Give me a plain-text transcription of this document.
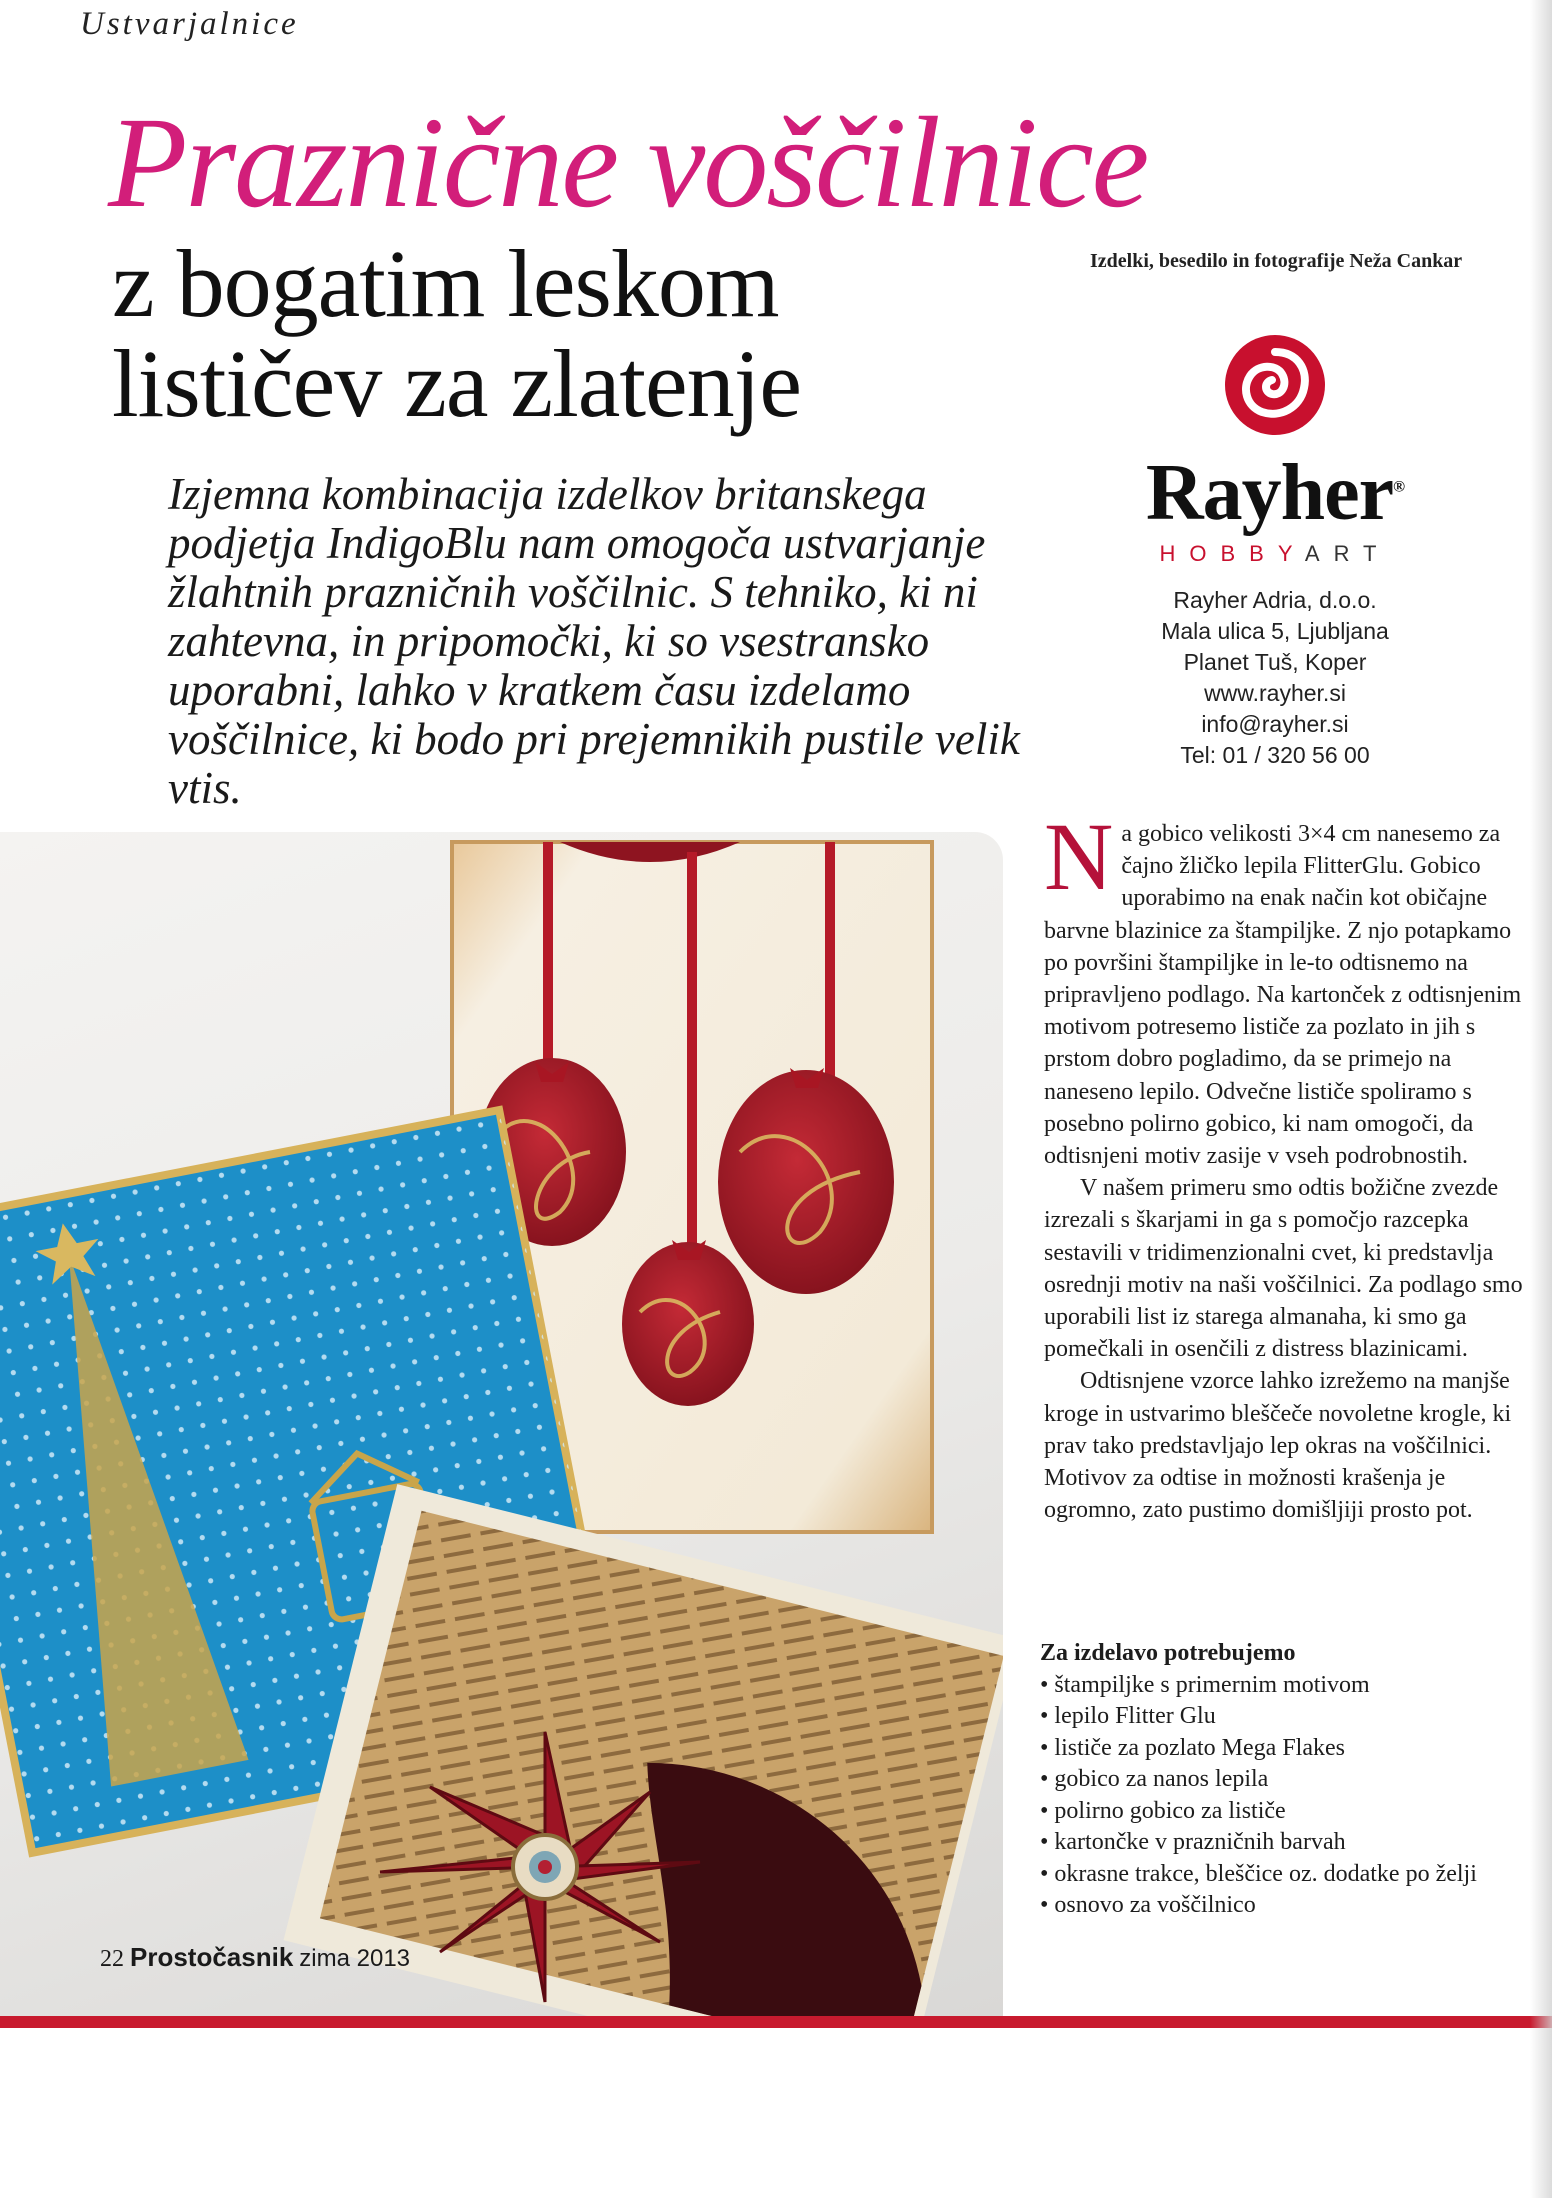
Ustvarjalnice
Praznične voščilnice
z bogatim leskom
lističev za zlatenje
Izdelki, besedilo in fotografije Neža Cankar
Izjemna kombinacija izdelkov britanskega podjetja IndigoBlu nam omogoča ustvarjanje žlahtnih prazničnih voščilnic. S tehniko, ki ni zahtevna, in pripomočki, ki so vsestransko uporabni, lahko v kratkem času izdelamo voščilnice, ki bodo pri prejemnikih pustile velik vtis.
Rayher®
HOBBYART
Rayher Adria, d.o.o.
Mala ulica 5, Ljubljana
Planet Tuš, Koper
www.rayher.si
info@rayher.si
Tel: 01 / 320 56 00
N a gobico velikosti 3×4 cm nanesemo za čajno žličko lepila FlitterGlu. Gobico uporabimo na enak način kot običajne barvne blazinice za štampiljke. Z njo potapkamo po površini štampiljke in le-to odtisnemo na pripravljeno podlago. Na kartonček z odtisnjenim motivom potresemo lističe za pozlato in jih s prstom dobro pogladimo, da se primejo na naneseno lepilo. Odvečne lističe spoliramo s posebno polirno gobico, ki nam omogoči, da odtisnjeni motiv zasije v vseh podrobnostih.

V našem primeru smo odtis božične zvezde izrezali s škarjami in ga s pomočjo razcepka sestavili v tridimenzionalni cvet, ki predstavlja osrednji motiv na naši voščilnici. Za podlago smo uporabili list iz starega almanaha, ki smo ga pomečkali in osenčili z distress blazinicami.

Odtisnjene vzorce lahko izrežemo na manjše kroge in ustvarimo bleščeče novoletne krogle, ki prav tako predstavljajo lep okras na voščilnici. Motivov za odtise in možnosti krašenja je ogromno, zato pustimo domišljiji prosto pot.

Za izdelavo potrebujemo
• štampiljke s primernim motivom
• lepilo Flitter Glu
• lističe za pozlato Mega Flakes
• gobico za nanos lepila
• polirno gobico za lističe
• kartončke v prazničnih barvah
• okrasne trakce, bleščice oz. dodatke po želji
• osnovo za voščilnico
22 Prostočasnik zima 2013
